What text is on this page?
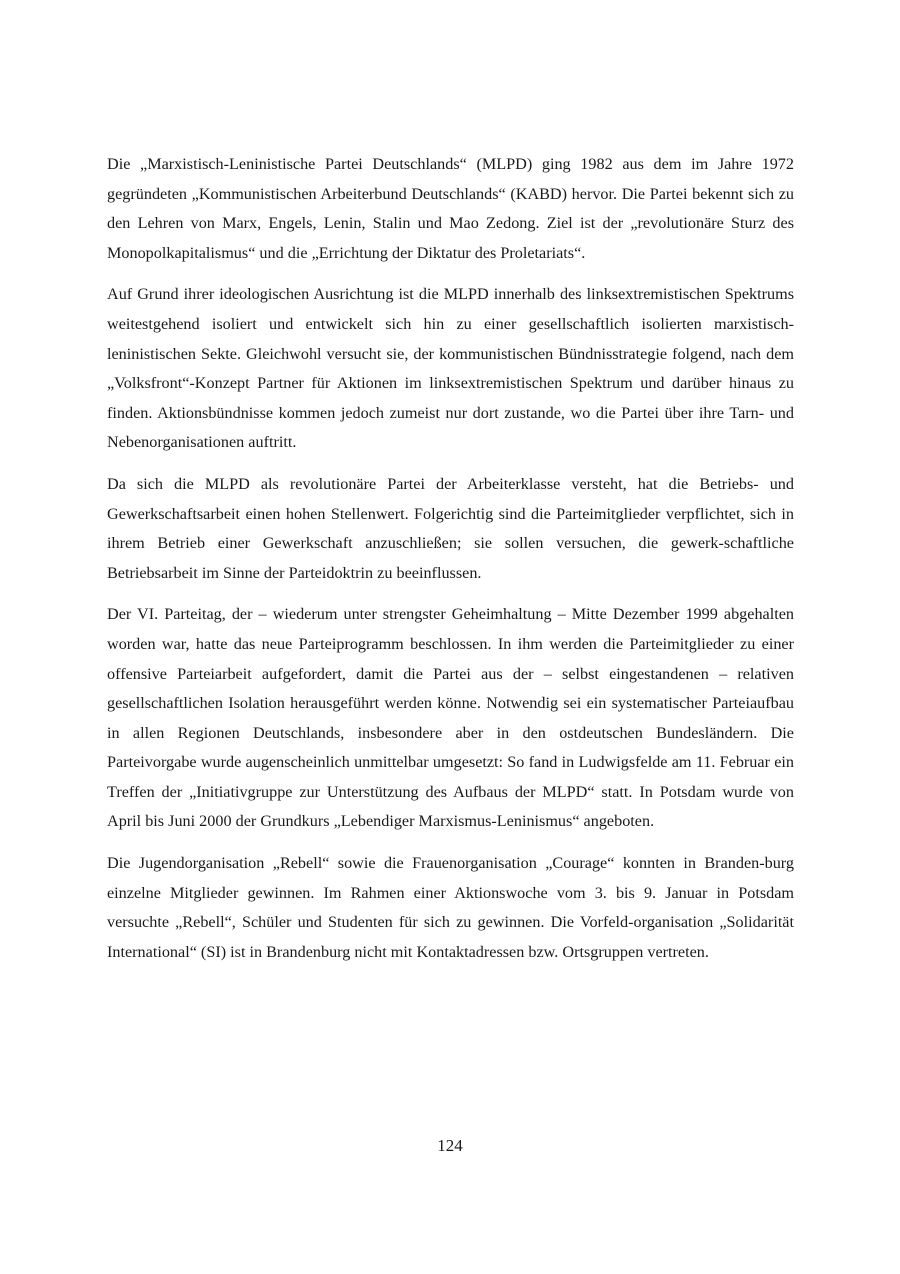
Die „Marxistisch-Leninistische Partei Deutschlands“ (MLPD) ging 1982 aus dem im Jahre 1972 gegründeten „Kommunistischen Arbeiterbund Deutschlands“ (KABD) hervor. Die Partei bekennt sich zu den Lehren von Marx, Engels, Lenin, Stalin und Mao Zedong. Ziel ist der „revolutionäre Sturz des Monopolkapitalismus“ und die „Errichtung der Diktatur des Proletariats“.

Auf Grund ihrer ideologischen Ausrichtung ist die MLPD innerhalb des linksextremistischen Spektrums weitestgehend isoliert und entwickelt sich hin zu einer gesellschaftlich isolierten marxistisch-leninistischen Sekte. Gleichwohl versucht sie, der kommunistischen Bündnisstrategie folgend, nach dem „Volksfront“-Konzept Partner für Aktionen im linksextremistischen Spektrum und darüber hinaus zu finden. Aktionsbündnisse kommen jedoch zumeist nur dort zustande, wo die Partei über ihre Tarn- und Nebenorganisationen auftritt.

Da sich die MLPD als revolutionäre Partei der Arbeiterklasse versteht, hat die Betriebs- und Gewerkschaftsarbeit einen hohen Stellenwert. Folgerichtig sind die Parteimitglieder verpflichtet, sich in ihrem Betrieb einer Gewerkschaft anzuschließen; sie sollen versuchen, die gewerk-schaftliche Betriebsarbeit im Sinne der Parteidoktrin zu beeinflussen.

Der VI. Parteitag, der – wiederum unter strengster Geheimhaltung – Mitte Dezember 1999 abgehalten worden war, hatte das neue Parteiprogramm beschlossen. In ihm werden die Parteimitglieder zu einer offensive Parteiarbeit aufgefordert, damit die Partei aus der – selbst eingestandenen – relativen gesellschaftlichen Isolation herausgeführt werden könne. Notwendig sei ein systematischer Parteiaufbau in allen Regionen Deutschlands, insbesondere aber in den ostdeutschen Bundesländern. Die Parteivorgabe wurde augenscheinlich unmittelbar umgesetzt: So fand in Ludwigsfelde am 11. Februar ein Treffen der „Initiativgruppe zur Unterstützung des Aufbaus der MLPD“ statt. In Potsdam wurde von April bis Juni 2000 der Grundkurs „Lebendiger Marxismus-Leninismus“ angeboten.

Die Jugendorganisation „Rebell“ sowie die Frauenorganisation „Courage“ konnten in Branden-burg einzelne Mitglieder gewinnen. Im Rahmen einer Aktionswoche vom 3. bis 9. Januar in Potsdam versuchte „Rebell“, Schüler und Studenten für sich zu gewinnen. Die Vorfeld-organisation „Solidarität International“ (SI) ist in Brandenburg nicht mit Kontaktadressen bzw. Ortsgruppen vertreten.

124
